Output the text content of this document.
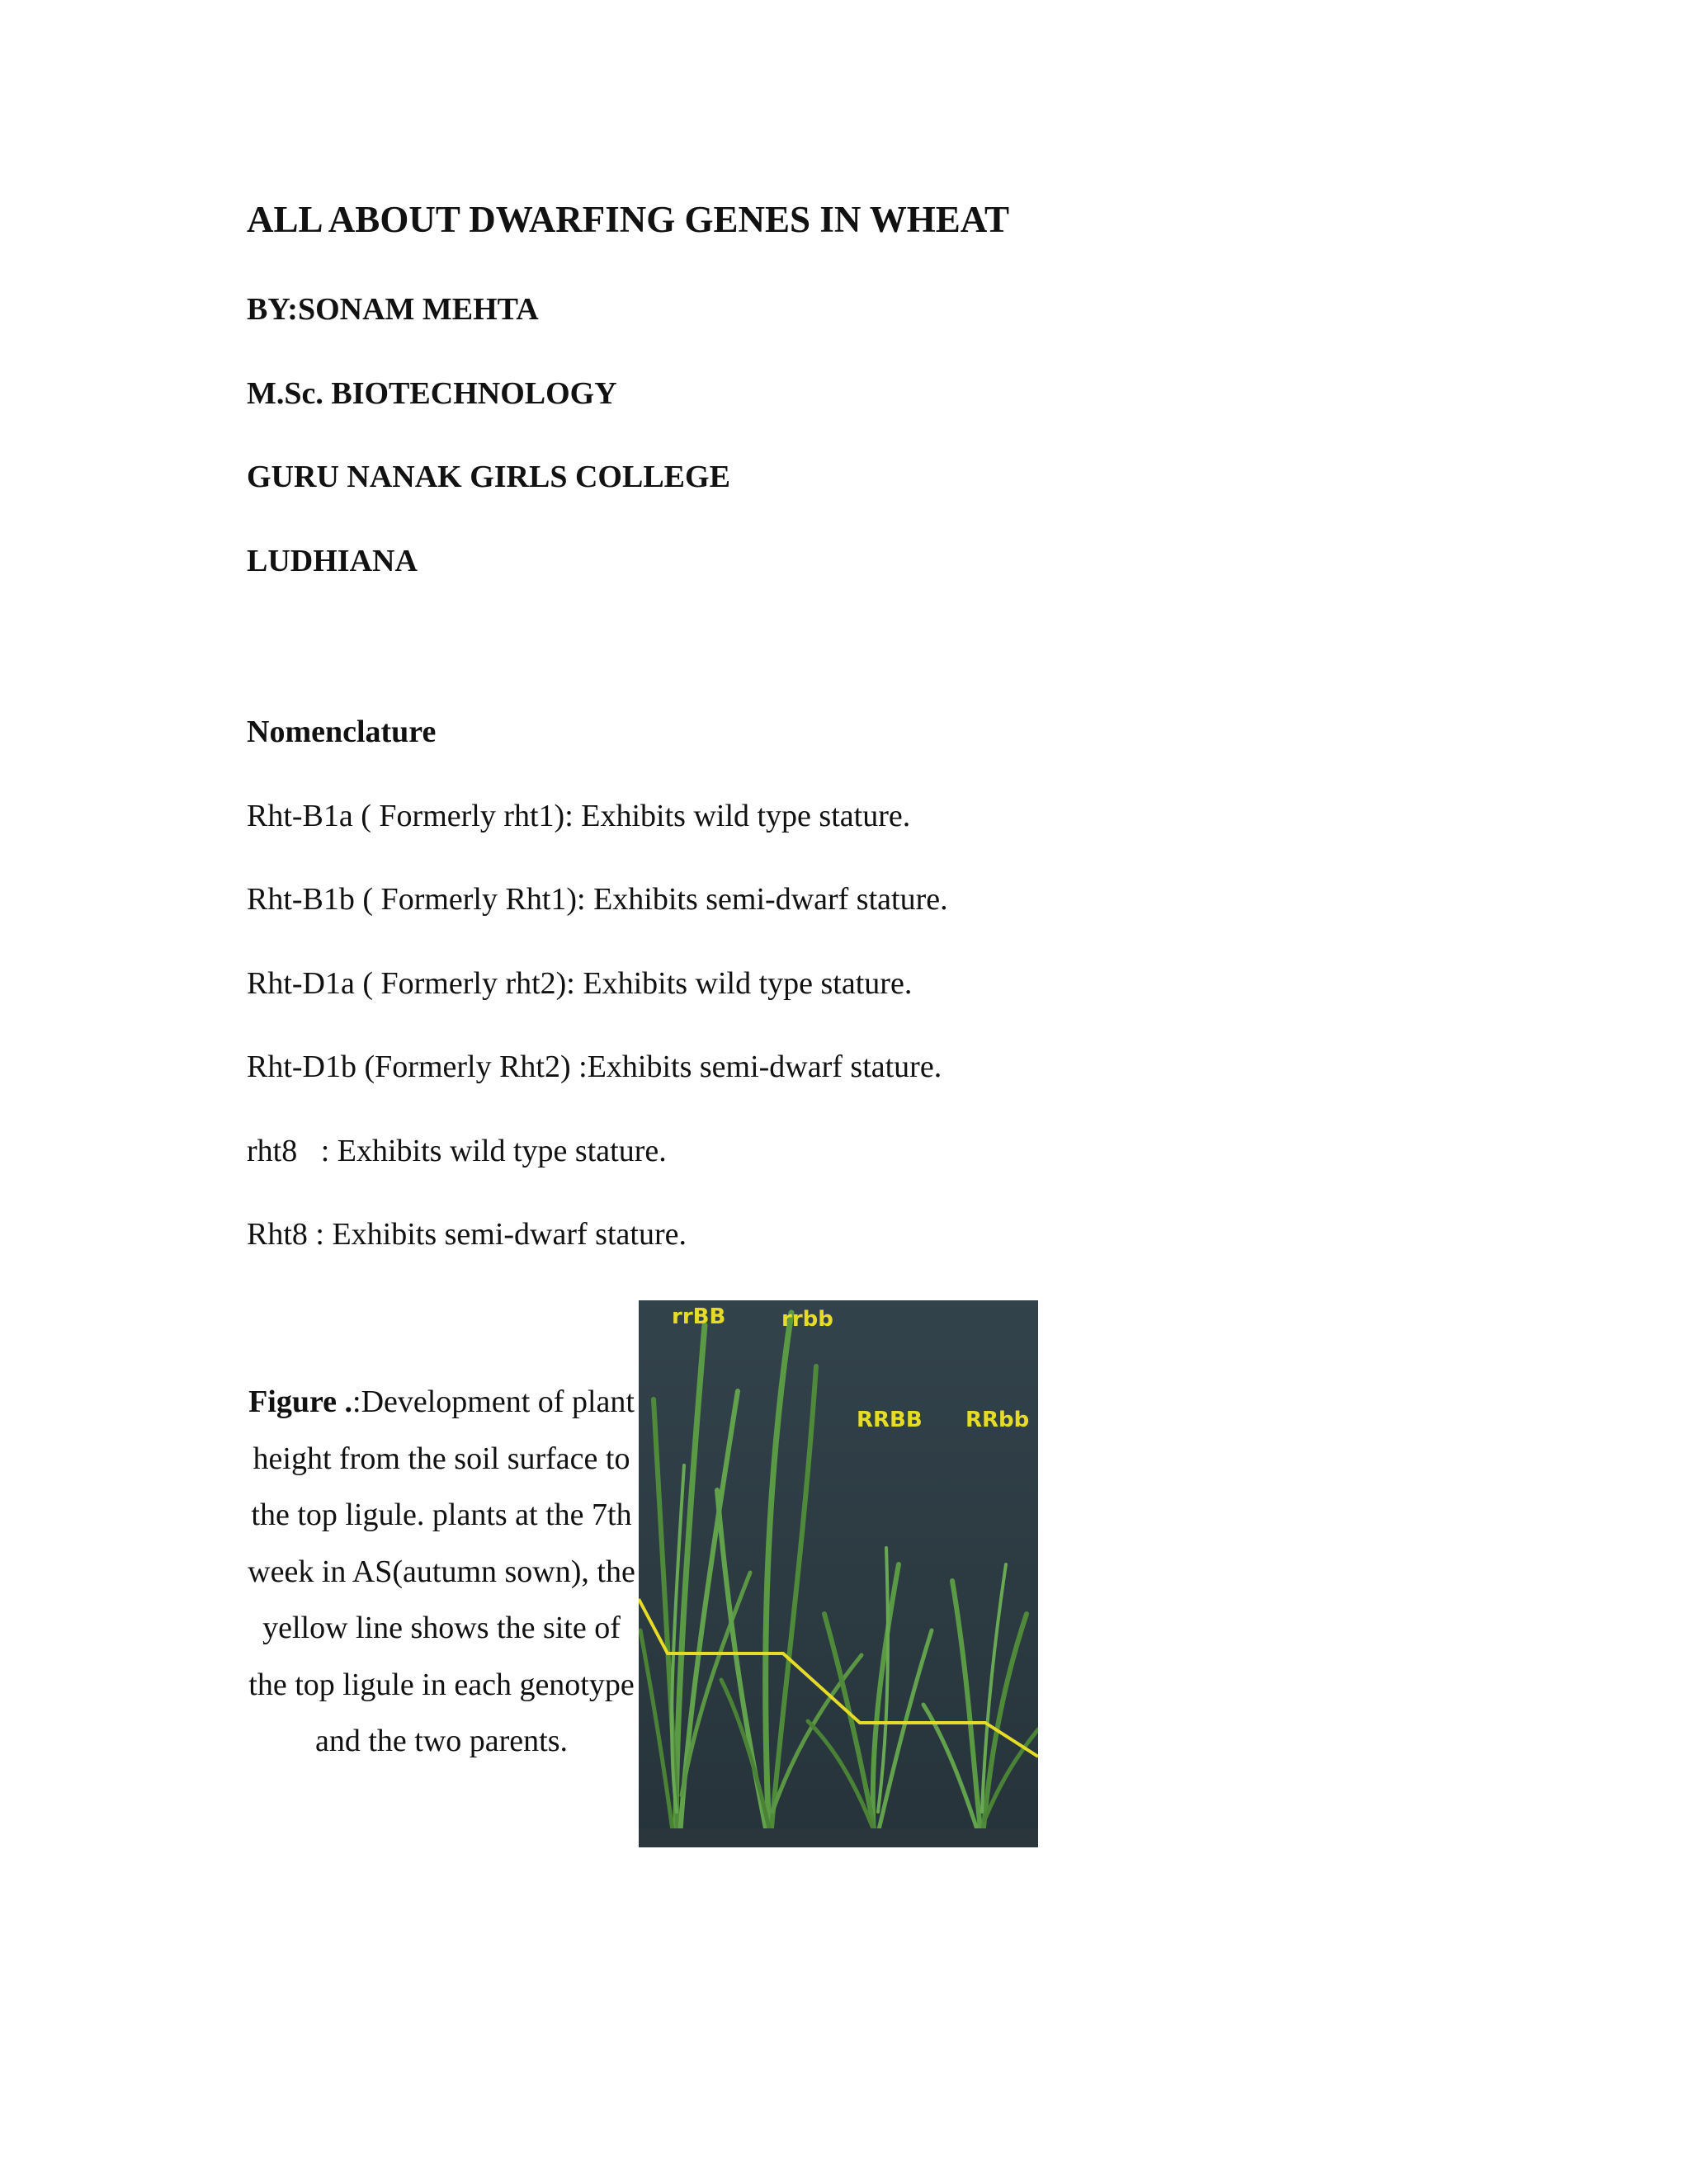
ALL ABOUT DWARFING GENES IN WHEAT
BY:SONAM MEHTA
M.Sc. BIOTECHNOLOGY
GURU NANAK GIRLS COLLEGE
LUDHIANA
Nomenclature
Rht-B1a ( Formerly rht1): Exhibits wild type stature.
Rht-B1b ( Formerly Rht1): Exhibits semi-dwarf stature.
Rht-D1a ( Formerly rht2): Exhibits wild type stature.
Rht-D1b (Formerly Rht2) :Exhibits semi-dwarf stature.
rht8   : Exhibits wild type stature.
Rht8 : Exhibits semi-dwarf stature.
Figure .:Development of plant height from the soil surface to the top ligule. plants at the 7th week in AS(autumn sown), the yellow line shows the site of the top ligule in each genotype and the two parents.
rrBB	rrbb
RRBB RRbb
